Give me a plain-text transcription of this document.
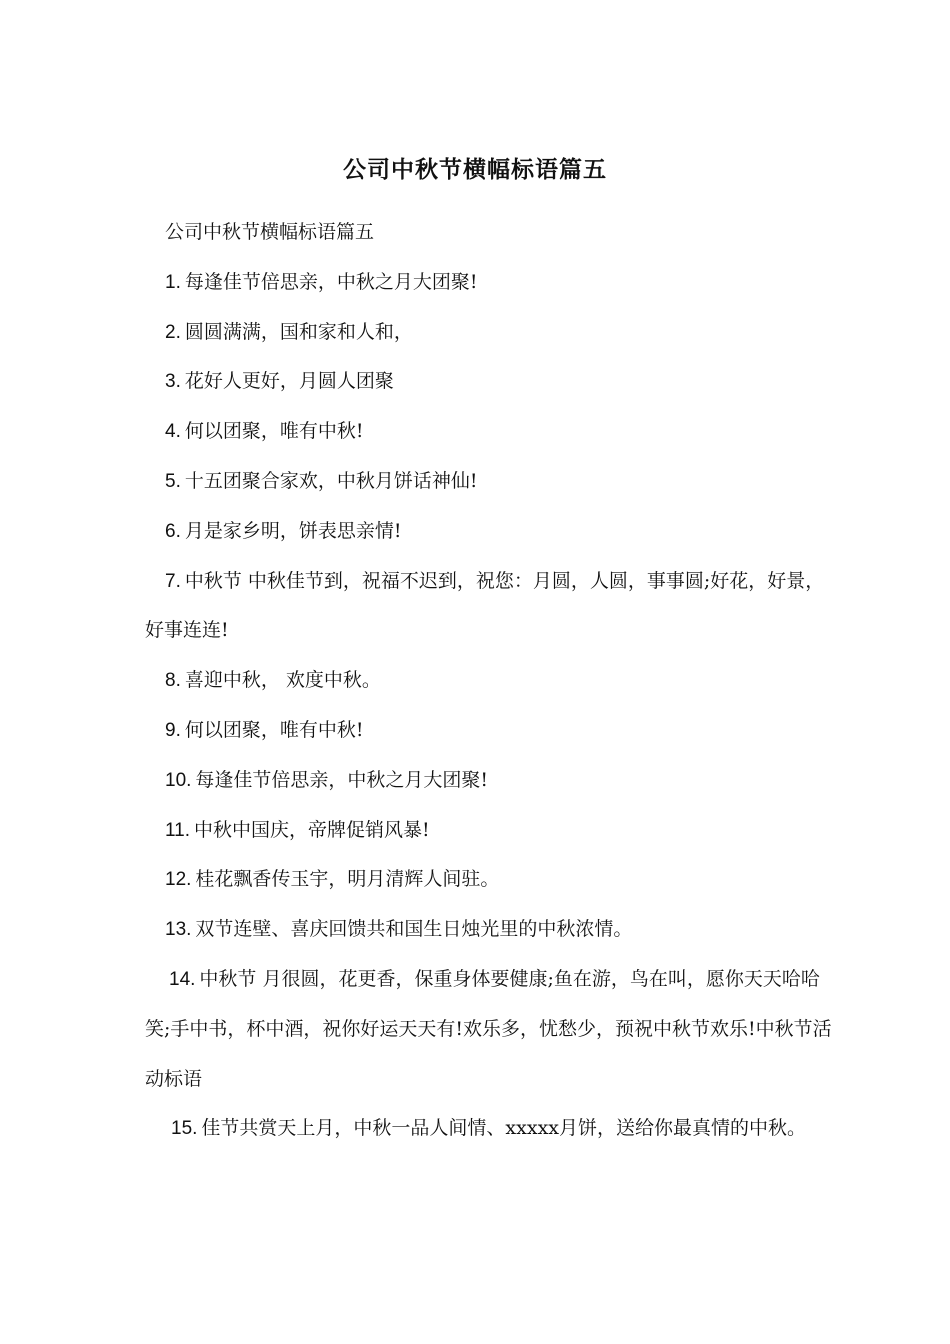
公司中秋节横幅标语篇五

公司中秋节横幅标语篇五

1. 每逢佳节倍思亲，中秋之月大团聚!

2. 圆圆满满，国和家和人和，

3. 花好人更好，月圆人团聚

4. 何以团聚，唯有中秋!

5. 十五团聚合家欢，中秋月饼话神仙!

6. 月是家乡明，饼表思亲情!

7. 中秋节 中秋佳节到，祝福不迟到，祝您：月圆，人圆，事事圆;好花，好景，好事连连!

8. 喜迎中秋， 欢度中秋。

9. 何以团聚，唯有中秋!

10. 每逢佳节倍思亲，中秋之月大团聚!

11. 中秋中国庆，帝牌促销风暴!

12. 桂花飘香传玉宇，明月清辉人间驻。

13. 双节连壁、喜庆回馈共和国生日烛光里的中秋浓情。

14. 中秋节 月很圆，花更香，保重身体要健康;鱼在游，鸟在叫，愿你天天哈哈笑;手中书，杯中酒，祝你好运天天有!欢乐多，忧愁少，预祝中秋节欢乐!中秋节活动标语

15. 佳节共赏天上月，中秋一品人间情、xxxxx月饼，送给你最真情的中秋。
